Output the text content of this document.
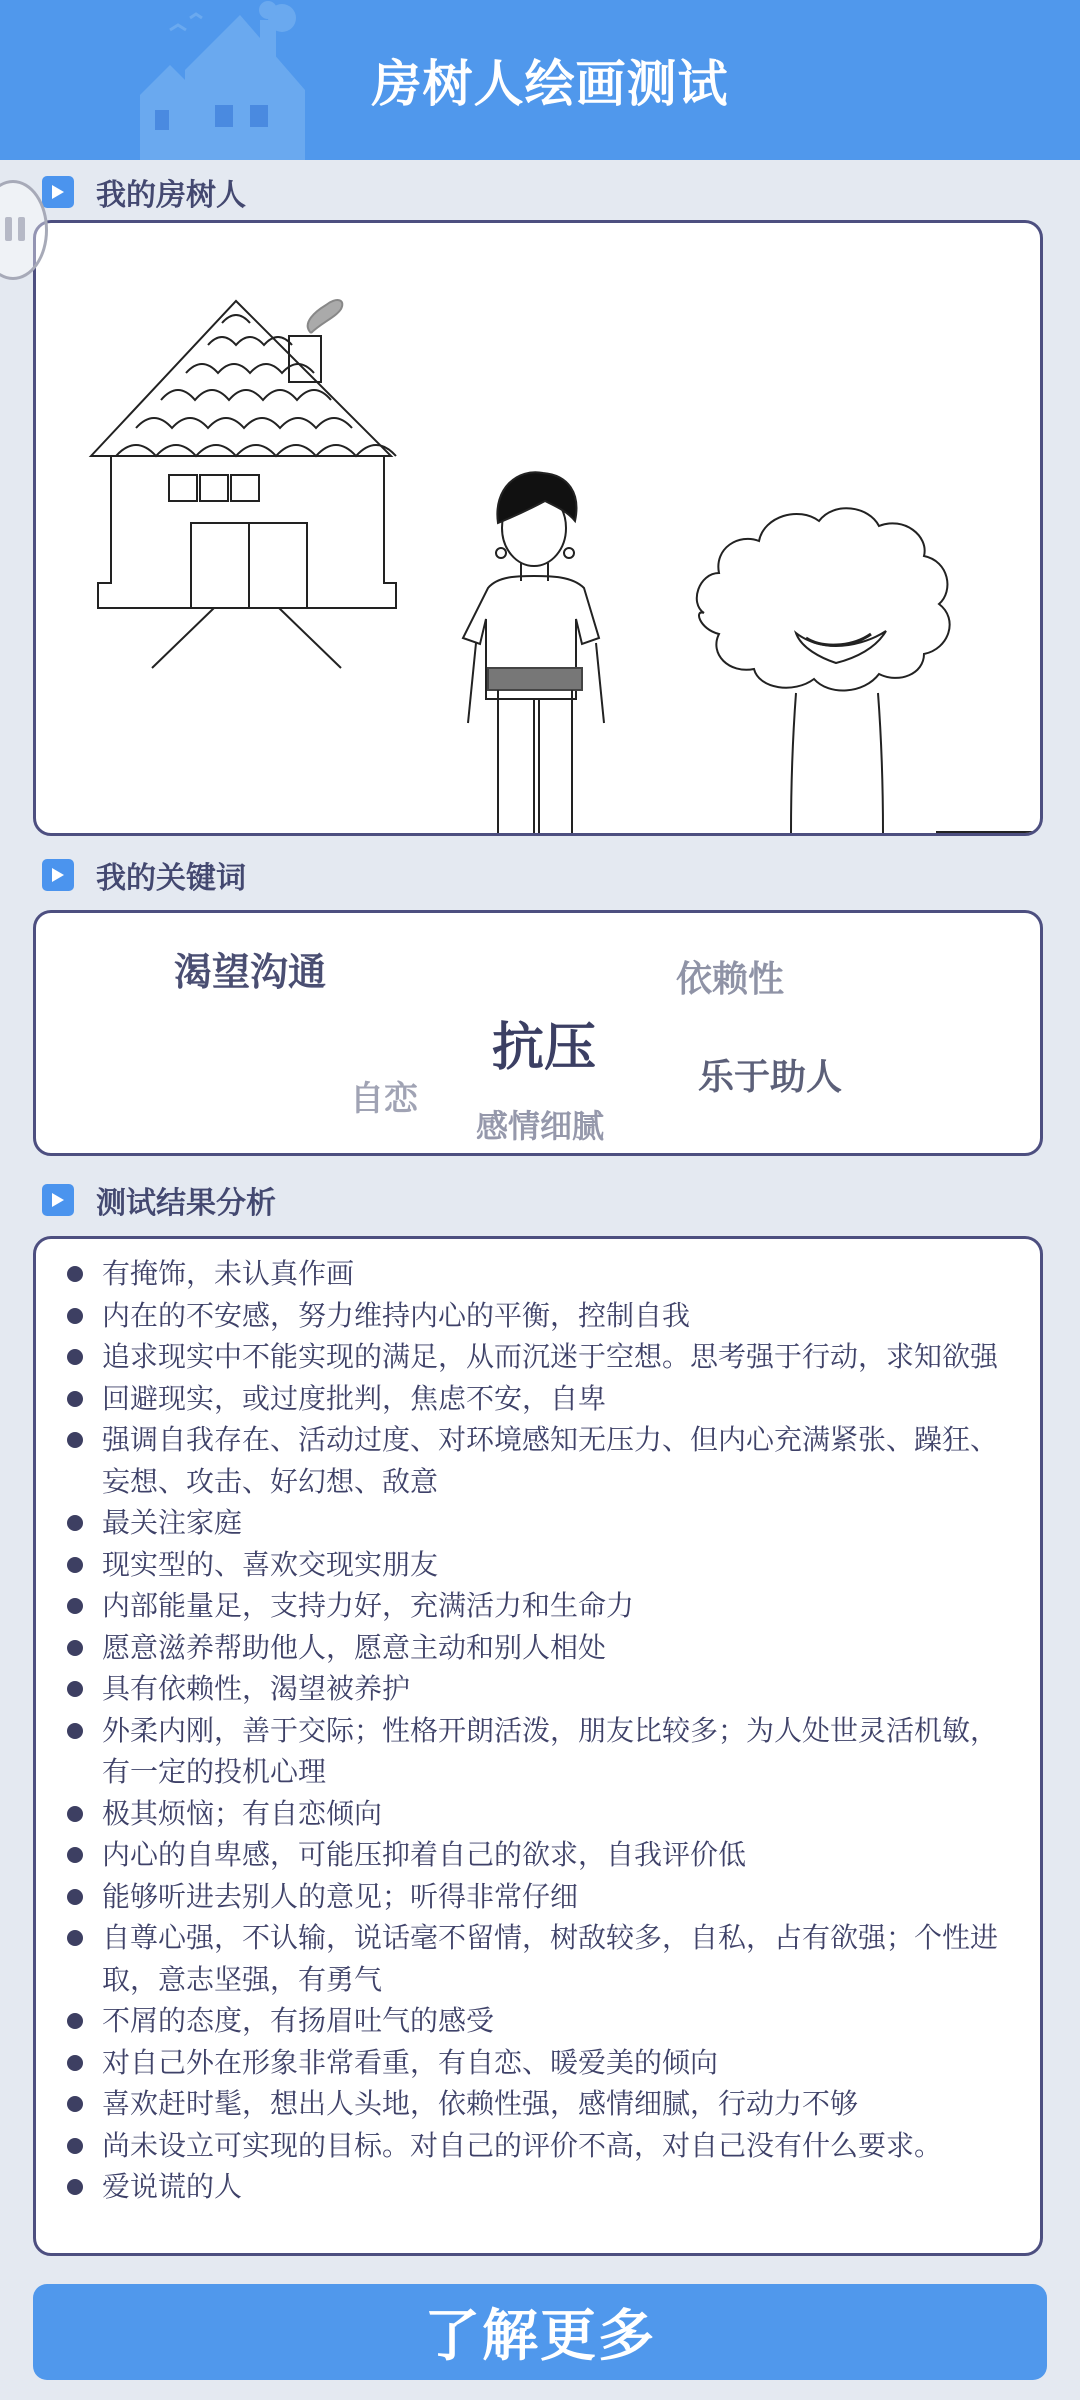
房树人绘画测试
我的房树人
我的关键词
渴望沟通	依赖性
抗压	乐于助人
自恋
感情细腻
测试结果分析
有掩饰，未认真作画
内在的不安感，努力维持内心的平衡，控制自我
追求现实中不能实现的满足，从而沉迷于空想。思考强于行动，求知欲强
回避现实，或过度批判，焦虑不安，自卑
强调自我存在、活动过度、对环境感知无压力、但内心充满紧张、躁狂、妄想、攻击、好幻想、敌意
最关注家庭
现实型的、喜欢交现实朋友
内部能量足，支持力好，充满活力和生命力
愿意滋养帮助他人，愿意主动和别人相处
具有依赖性，渴望被养护
外柔内刚，善于交际；性格开朗活泼，朋友比较多；为人处世灵活机敏，有一定的投机心理
极其烦恼；有自恋倾向
内心的自卑感，可能压抑着自己的欲求，自我评价低
能够听进去别人的意见；听得非常仔细
自尊心强，不认输，说话毫不留情，树敌较多，自私，占有欲强；个性进取，意志坚强，有勇气
不屑的态度，有扬眉吐气的感受
对自己外在形象非常看重，有自恋、暖爱美的倾向
喜欢赶时髦，想出人头地，依赖性强，感情细腻，行动力不够
尚未设立可实现的目标。对自己的评价不高，对自己没有什么要求。
爱说谎的人
了解更多
